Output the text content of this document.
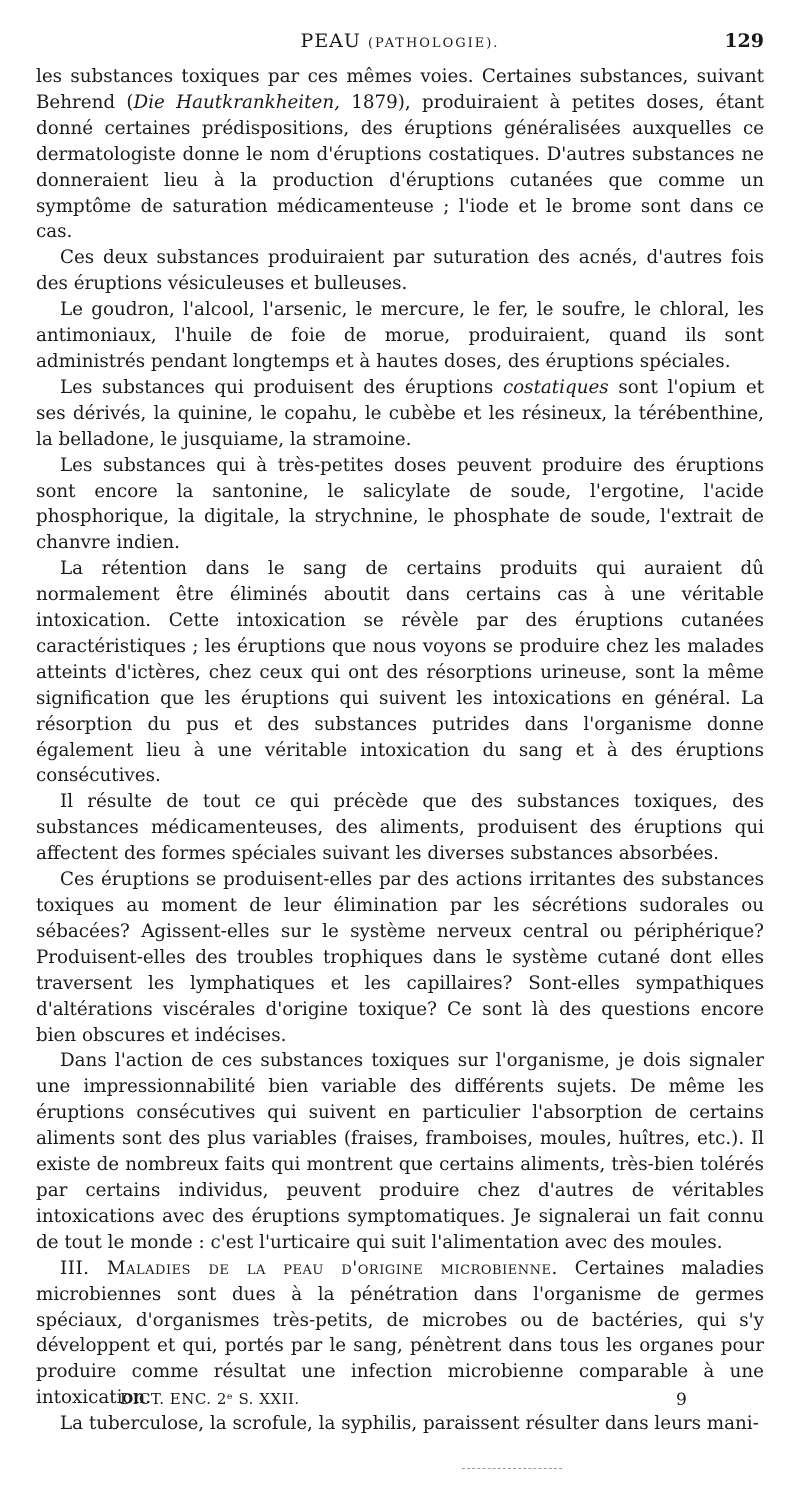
PEAU (PATHOLOGIE).	129

les substances toxiques par ces mêmes voies. Certaines substances, suivant Behrend (Die Hautkrankheiten, 1879), produiraient à petites doses, étant donné certaines prédispositions, des éruptions généralisées auxquelles ce dermatologiste donne le nom d'éruptions costatiques. D'autres substances ne donneraient lieu à la production d'éruptions cutanées que comme un symptôme de saturation médicamenteuse ; l'iode et le brome sont dans ce cas.

Ces deux substances produiraient par suturation des acnés, d'autres fois des éruptions vésiculeuses et bulleuses.

Le goudron, l'alcool, l'arsenic, le mercure, le fer, le soufre, le chloral, les antimoniaux, l'huile de foie de morue, produiraient, quand ils sont administrés pendant longtemps et à hautes doses, des éruptions spéciales.

Les substances qui produisent des éruptions costatiques sont l'opium et ses dérivés, la quinine, le copahu, le cubèbe et les résineux, la térébenthine, la belladone, le jusquiame, la stramoine.

Les substances qui à très-petites doses peuvent produire des éruptions sont encore la santonine, le salicylate de soude, l'ergotine, l'acide phosphorique, la digitale, la strychnine, le phosphate de soude, l'extrait de chanvre indien.

La rétention dans le sang de certains produits qui auraient dû normalement être éliminés aboutit dans certains cas à une véritable intoxication. Cette intoxication se révèle par des éruptions cutanées caractéristiques ; les éruptions que nous voyons se produire chez les malades atteints d'ictères, chez ceux qui ont des résorptions urineuse, sont la même signification que les éruptions qui suivent les intoxications en général. La résorption du pus et des substances putrides dans l'organisme donne également lieu à une véritable intoxication du sang et à des éruptions consécutives.

Il résulte de tout ce qui précède que des substances toxiques, des substances médicamenteuses, des aliments, produisent des éruptions qui affectent des formes spéciales suivant les diverses substances absorbées.

Ces éruptions se produisent-elles par des actions irritantes des substances toxiques au moment de leur élimination par les sécrétions sudorales ou sébacées? Agissent-elles sur le système nerveux central ou périphérique? Produisent-elles des troubles trophiques dans le système cutané dont elles traversent les lymphatiques et les capillaires? Sont-elles sympathiques d'altérations viscérales d'origine toxique? Ce sont là des questions encore bien obscures et indécises.

Dans l'action de ces substances toxiques sur l'organisme, je dois signaler une impressionnabilité bien variable des différents sujets. De même les éruptions consécutives qui suivent en particulier l'absorption de certains aliments sont des plus variables (fraises, framboises, moules, huîtres, etc.). Il existe de nombreux faits qui montrent que certains aliments, très-bien tolérés par certains individus, peuvent produire chez d'autres de véritables intoxications avec des éruptions symptomatiques. Je signalerai un fait connu de tout le monde : c'est l'urticaire qui suit l'alimentation avec des moules.

III. Maladies de la peau d'origine microbienne. Certaines maladies microbiennes sont dues à la pénétration dans l'organisme de germes spéciaux, d'organismes très-petits, de microbes ou de bactéries, qui s'y développent et qui, portés par le sang, pénètrent dans tous les organes pour produire comme résultat une infection microbienne comparable à une intoxication.

La tuberculose, la scrofule, la syphilis, paraissent résulter dans leurs mani-

DICT. ENC. 2ᵉ S. XXII.	9
